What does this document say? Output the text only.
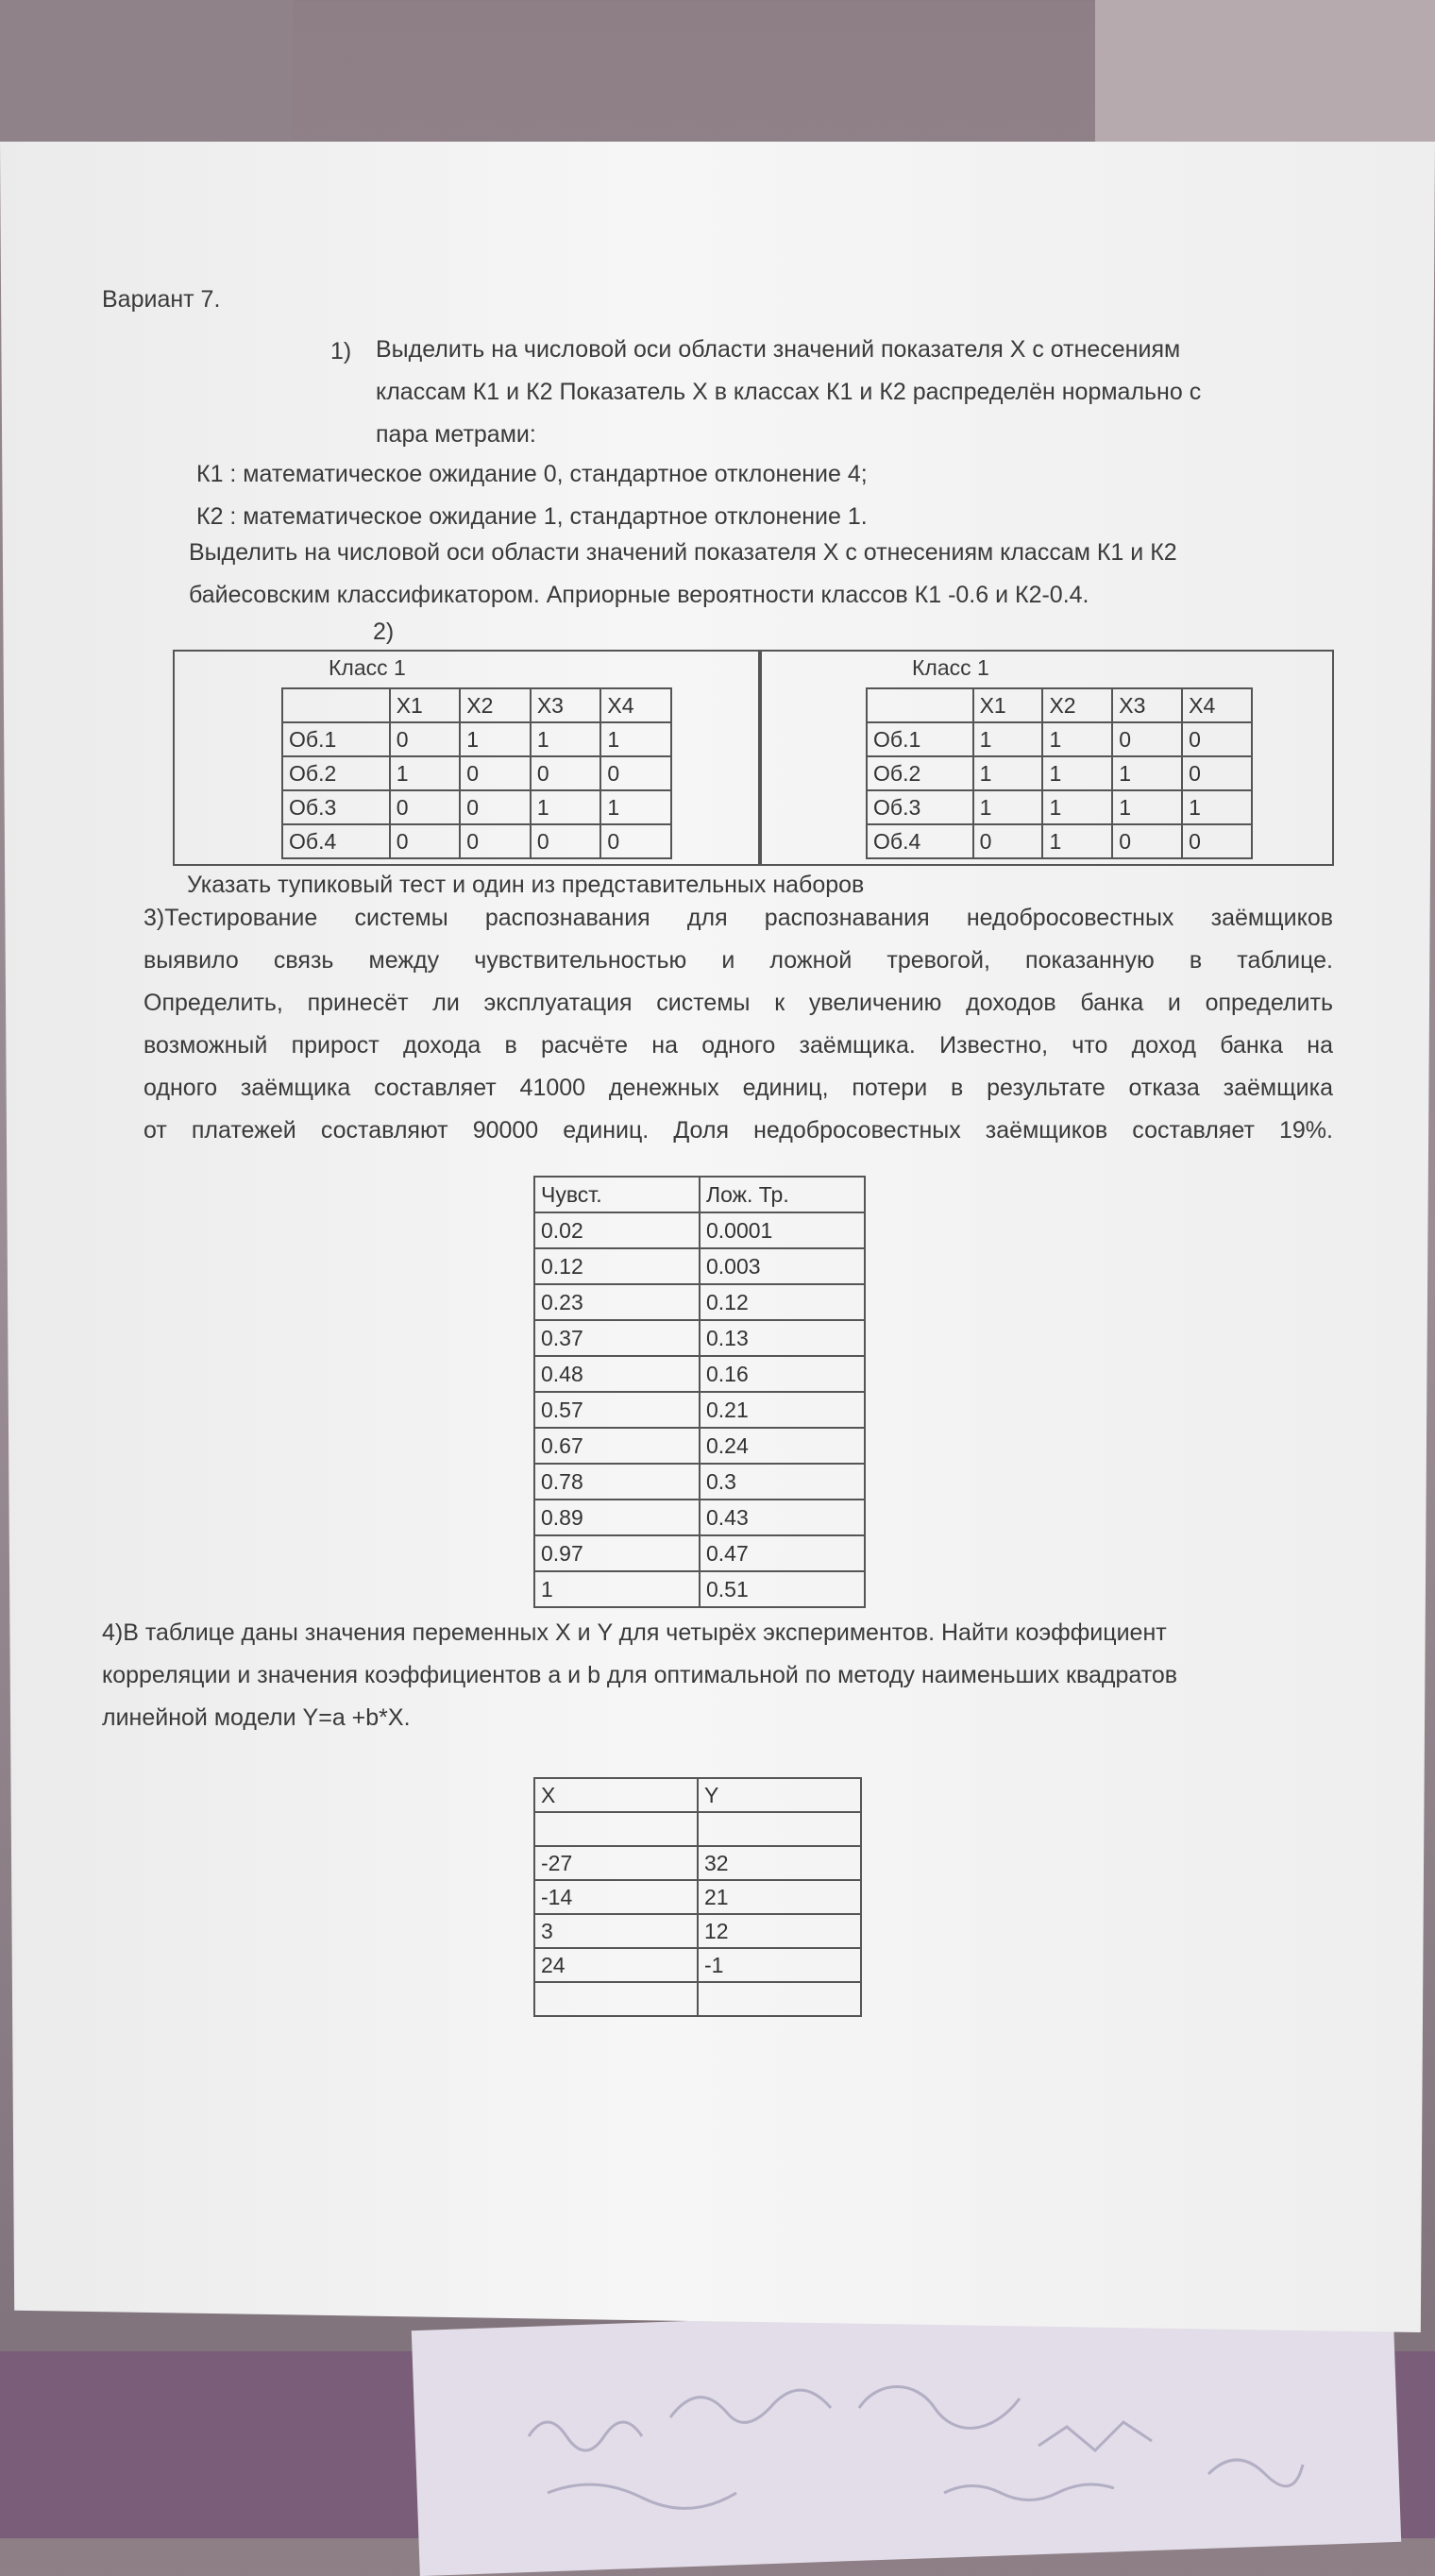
Вариант 7.
1) Выделить на числовой оси области значений показателя X с отнесениям
классам К1 и К2 Показатель X в классах К1 и К2 распределён нормально с
пара метрами:
К1 : математическое ожидание 0, стандартное отклонение 4;
К2 : математическое ожидание 1, стандартное отклонение 1.
Выделить на числовой оси области значений показателя X с отнесениям классам К1 и К2
байесовским классификатором. Априорные вероятности классов К1 -0.6 и К2-0.4.
2)
Класс 1
	X1	X2	X3	X4
Об.1	0	1	1	1
Об.2	1	0	0	0
Об.3	0	0	1	1
Об.4	0	0	0	0
Класс 1
	X1	X2	X3	X4
Об.1	1	1	0	0
Об.2	1	1	1	0
Об.3	1	1	1	1
Об.4	0	1	0	0
Указать тупиковый тест и один из представительных наборов
3)Тестирование системы распознавания для распознавания недобросовестных заёмщиков
выявило связь между чувствительностью и ложной тревогой, показанную в таблице.
Определить, принесёт ли эксплуатация системы к увеличению доходов банка и определить
возможный прирост дохода в расчёте на одного заёмщика. Известно, что доход банка на
одного заёмщика составляет 41000 денежных единиц, потери в результате отказа заёмщика
от платежей составляют 90000 единиц. Доля недобросовестных заёмщиков составляет 19%.
Чувст.	Лож. Тр.
0.02	0.0001
0.12	0.003
0.23	0.12
0.37	0.13
0.48	0.16
0.57	0.21
0.67	0.24
0.78	0.3
0.89	0.43
0.97	0.47
1	0.51
4)В таблице даны значения переменных X и Y для четырёх экспериментов. Найти коэффициент
корреляции и значения коэффициентов a и b для оптимальной по методу наименьших квадратов
линейной модели Y=a +b*X.
X	Y

-27	32
-14	21
3	12
24	-1
